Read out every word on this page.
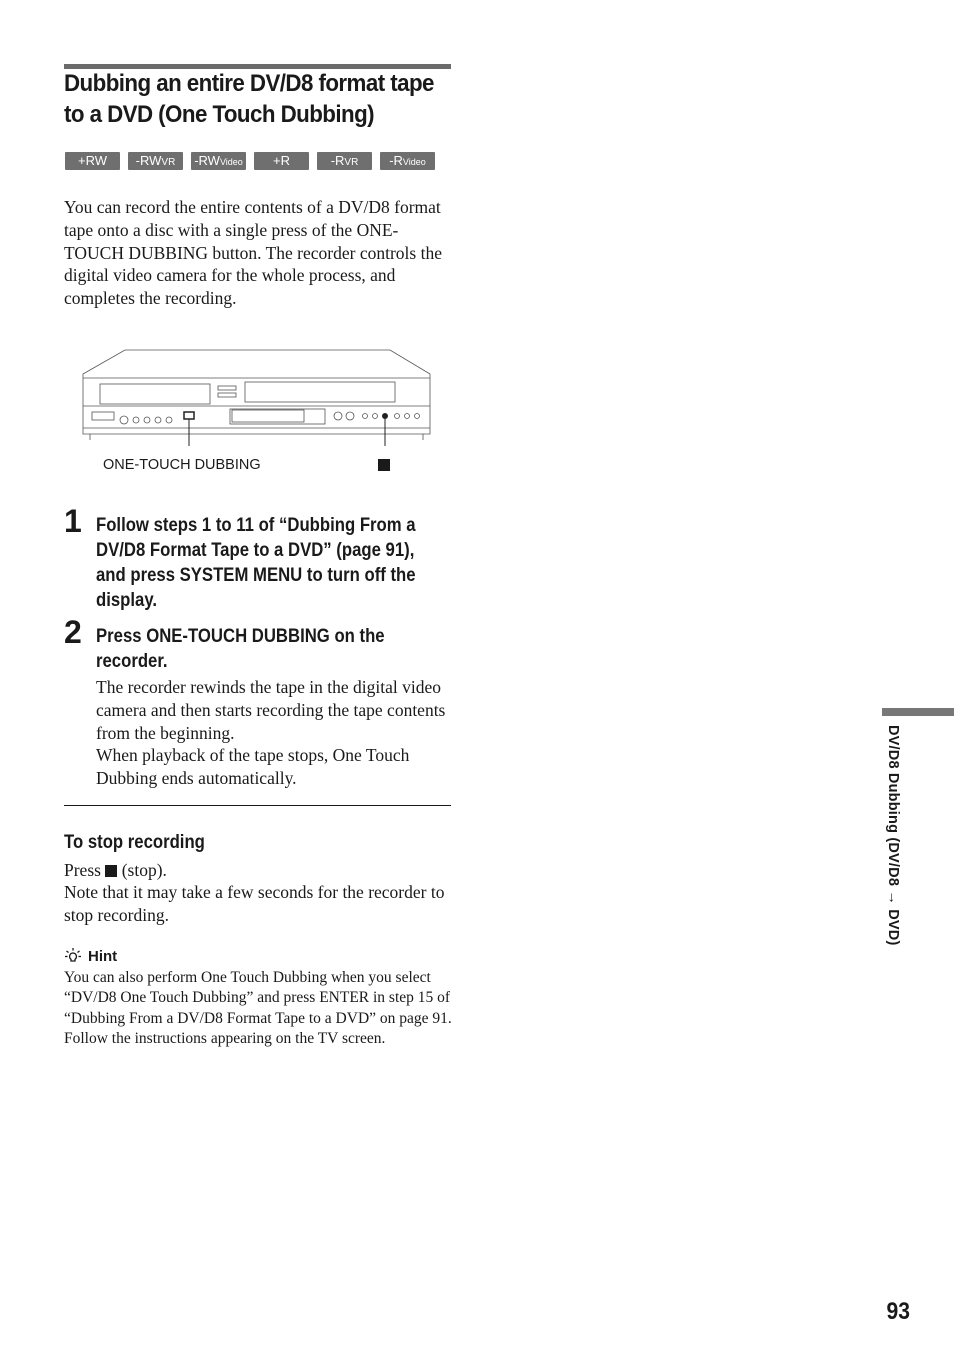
Dubbing an entire DV/D8 format tape to a DVD (One Touch Dubbing)
+RW	-RWVR	-RWVideo	+R	-RVR	-RVideo

You can record the entire contents of a DV/D8 format tape onto a disc with a single press of the ONE-TOUCH DUBBING button. The recorder controls the digital video camera for the whole process, and completes the recording.

ONE-TOUCH DUBBING
1 Follow steps 1 to 11 of “Dubbing From a DV/D8 Format Tape to a DVD” (page 91), and press SYSTEM MENU to turn off the display.

2 Press ONE-TOUCH DUBBING on the recorder.

The recorder rewinds the tape in the digital video camera and then starts recording the tape contents from the beginning.

When playback of the tape stops, One Touch Dubbing ends automatically.

To stop recording

Press (stop).

Note that it may take a few seconds for the recorder to stop recording.

Hint

You can also perform One Touch Dubbing when you select “DV/D8 One Touch Dubbing” and press ENTER in step 15 of “Dubbing From a DV/D8 Format Tape to a DVD” on page 91. Follow the instructions appearing on the TV screen.

DV/D8 Dubbing (DV/D8 → DVD)
93
